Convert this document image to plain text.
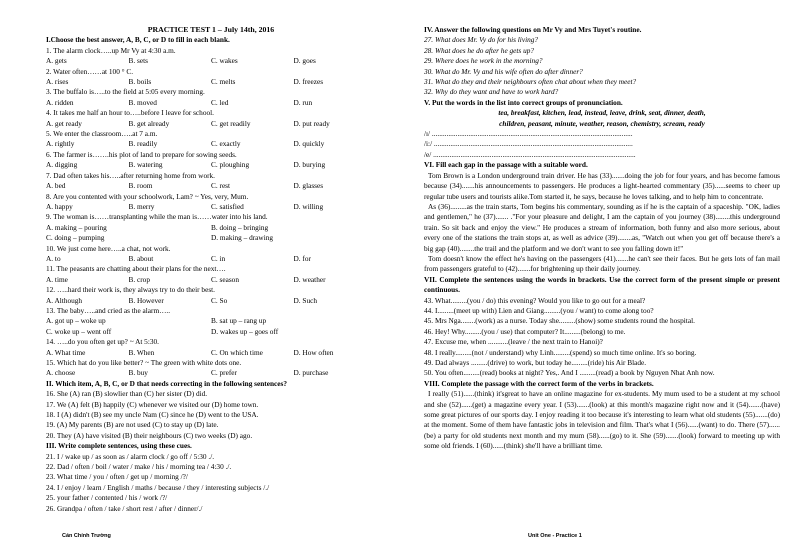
PRACTICE TEST 1 – July 14th, 2016
I.Choose the best answer, A, B, C, or D to fill in each blank.
1. The alarm clock…..up Mr Vy at 4:30 a.m.
A. gets	B. sets	C. wakes	D. goes
2. Water often……at 100 ° C.
A. rises	B. boils	C. melts	D. freezes
3. The buffalo is…..to the field at 5:05 every morning.
A. ridden	B. moved	C. led	D. run
4. It takes me half an hour to…..before I leave for school.
A. get ready	B. get already	C. get readily	D. put ready
5. We enter the classroom…..at 7 a.m.
A. rightly	B. readily	C. exactly	D. quickly
6. The farmer is…….his plot of land to prepare for sowing seeds.
A. digging	B. watering	C. ploughing	D. burying
7. Dad often takes his…..after returning home from work.
A. bed	B. room	C. rest	D. glasses
8. Are you contented with your schoolwork, Lam? ~ Yes, very, Mum.
A. happy	B. merry	C. satisfied	D. willing
9. The woman is……transplanting while the man is……water into his land.
A. making – pouring	B. doing – bringing
C. doing – pumping	D. making – drawing
10. We just come here…..a chat, not work.
A. to	B. about	C. in	D. for
11. The peasants are chatting about their plans for the next….
A. time	B. crop	C. season	D. weather
12. …..hard their work is, they always try to do their best.
A. Although	B. However	C. So	D. Such
13. The baby…..and cried as the alarm…..
A. got up – woke up	B. sat up – rang up
C. woke up – went off	D. wakes up – goes off
14. …..do you often get up? ~ At 5:30.
A. What time	B. When	C. On which time	D. How often
15. Which hat do you like better? ~ The green with white dots one.
A. choose	B. buy	C. prefer	D. purchase
II. Which item, A, B, C, or D that needs correcting in the following sentences?
16. She (A) ran (B) slowlier than (C) her sister (D) did.
17. We (A) felt (B) happily (C) whenever we visited our (D) home town.
18. I (A) didn't (B) see my uncle Nam (C) since he (D) went to the USA.
19. (A) My parents (B) are not used (C) to stay up (D) late.
20. They (A) have visited (B) their neighbours (C) two weeks (D) ago.
III. Write complete sentences, using these cues.
21. I / wake up / as soon as / alarm clock / go off / 5:30 ./.
22. Dad / often / boil / water / make / his / morning tea / 4:30 ./.
23. What time / you / often / get up / morning /?/
24. I / enjoy / learn / English / maths / because / they / interesting subjects /./
25. your father / contented / his / work /?/
26. Grandpa / often / take / short rest / after / dinner/./
IV. Answer the following questions on Mr Vy and Mrs Tuyet's routine.
27. What does Mr. Vy do for his living?
28. What does he do after he gets up?
29. Where does he work in the morning?
30. What do Mr. Vy and his wife often do after dinner?
31. What do they and their neighbours often chat about when they meet?
32. Why do they want and have to work hard?
V. Put the words in the list into correct groups of pronunciation.
tea, breakfast, kitchen, lead, instead, leave, drink, seat, dinner, death,
children, peasant, minute, weather, reason, chemistry, scream, ready
/ɪ/ ..............................................................................................................
/i:/ .............................................................................................................
/e/ ...............................................................................................................
VI. Fill each gap in the passage with a suitable word.
Tom Brown is a London underground train driver. He has (33).......doing the job for four years, and has become famous because (34).......his announcements to passengers. He produces a light-hearted commentary (35)......seems to cheer up regular tube users and tourists alike.Tom started it, he says, because he loves talking, and to help him to concentrate.
As (36).........as the train starts, Tom begins his commentary, sounding as if he is the captain of a spaceship. "OK, ladies and gentlemen," he (37)....... ."For your pleasure and delight, I am the captain of you journey (38)........this underground train. So sit back and enjoy the view." He produces a stream of information, both funny and also more serious, about every one of the stations the train stops at, as well as advice (39)........as, "Watch out when you get off because there's a big gap (40)........the trail and the platform and we don't want to see you falling down it!"
Tom doesn't know the effect he's having on the passengers (41).......he can't see their faces. But he gets lots of fan mail from passengers grateful to (42).......for brightening up their daily journey.
VII. Complete the sentences using the words in brackets. Use the correct form of the present simple or present continuous.
43. What.........(you / do) this evening? Would you like to go out for a meal?
44. I.........(meet up with) Lien and Giang.........(you / want) to come along too?
45. Mrs Nga........(work) as a nurse. Today she.........(show) some students round the hospital.
46. Hey! Why.........(you / use) that computer? It.........(belong) to me.
47. Excuse me, when ...........(leave / the next train to Hanoi)?
48. I really.........(not / understand) why Linh.........(spend) so much time online. It's so boring.
49. Dad always .........(drive) to work, but today he.........(ride) his Air Blade.
50. You often.........(read) books at night? Yes,. And I .........(read) a book by Nguyen Nhat Anh now.
VIII. Complete the passage with the correct form of the verbs in brackets.
I really (51)......(think) it'sgreat to have an online magazine for ex-students. My mum used to be a student at my school and she (52)......(get) a magazine every year. I (53).......(look) at this month's magazine right now and it (54).......(have) some great pictures of our sports day. I enjoy reading it too because it's interesting to learn what old students (55).......(do) at the moment. Some of them have fantastic jobs in television and film. That's what I (56)......(want) to do. There (57)......(be) a party for old students next month and my mum (58)......(go) to it. She (59).......(look) forward to meeting up with some old friends. I (60)......(think) she'll have a brilliant time.
Cán Chính Trường	Unit One - Practice 1
